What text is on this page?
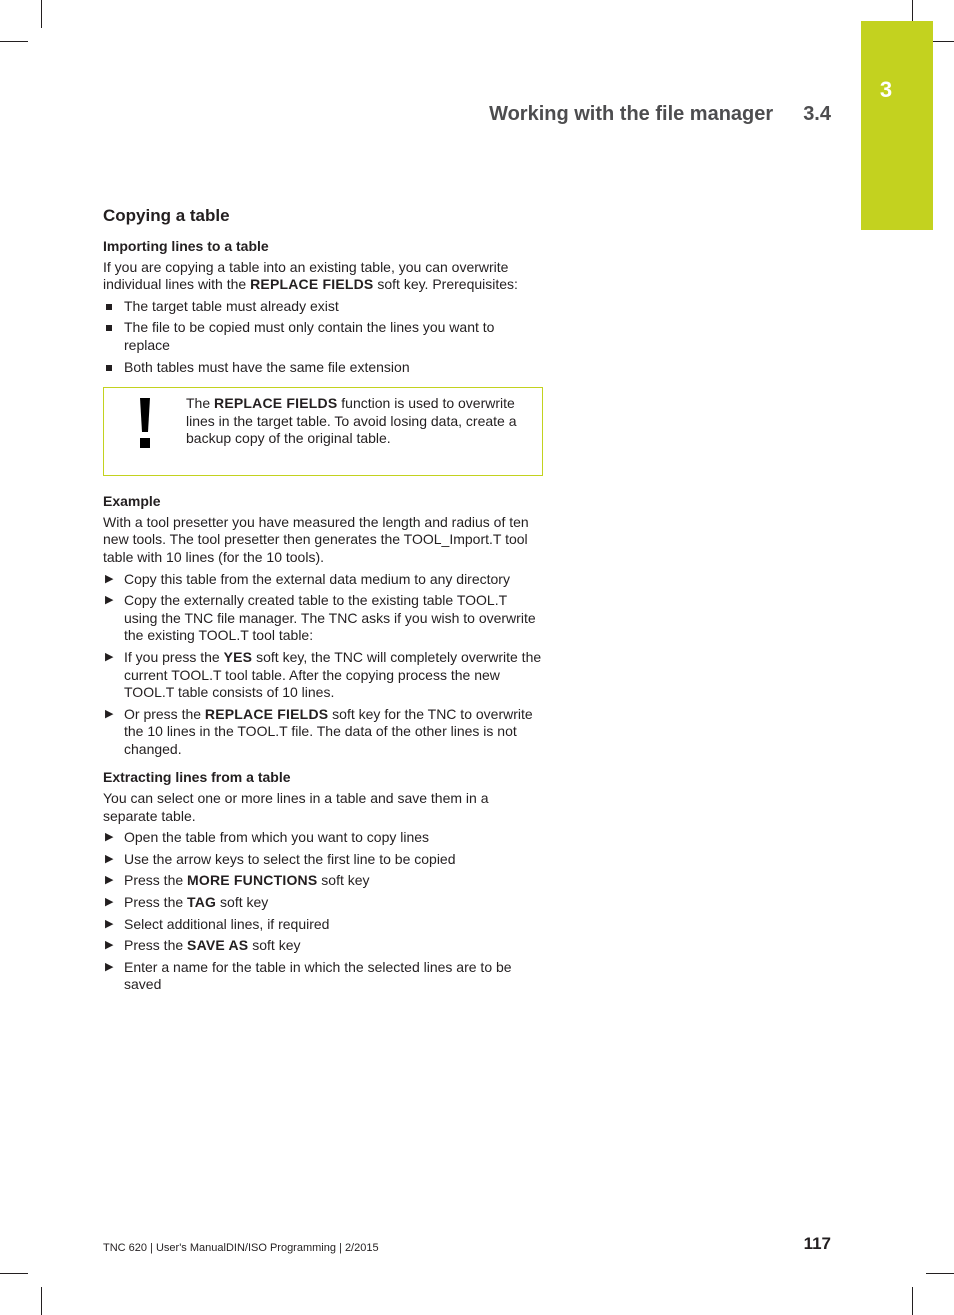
3
Working with the file manager 3.4
Copying a table
Importing lines to a table

If you are copying a table into an existing table, you can overwrite individual lines with the REPLACE FIELDS soft key. Prerequisites:

The target table must already exist
The file to be copied must only contain the lines you want to replace
Both tables must have the same file extension
The REPLACE FIELDS function is used to overwrite lines in the target table. To avoid losing data, create a backup copy of the original table.
Example

With a tool presetter you have measured the length and radius of ten new tools. The tool presetter then generates the TOOL_Import.T tool table with 10 lines (for the 10 tools).

▶ Copy this table from the external data medium to any directory
▶ Copy the externally created table to the existing table TOOL.T using the TNC file manager. The TNC asks if you wish to overwrite the existing TOOL.T tool table:
▶ If you press the YES soft key, the TNC will completely overwrite the current TOOL.T tool table. After the copying process the new TOOL.T table consists of 10 lines.
▶ Or press the REPLACE FIELDS soft key for the TNC to overwrite the 10 lines in the TOOL.T file. The data of the other lines is not changed.
Extracting lines from a table

You can select one or more lines in a table and save them in a separate table.

▶ Open the table from which you want to copy lines
▶ Use the arrow keys to select the first line to be copied
▶ Press the MORE FUNCTIONS soft key
▶ Press the TAG soft key
▶ Select additional lines, if required
▶ Press the SAVE AS soft key
▶ Enter a name for the table in which the selected lines are to be saved
TNC 620 | User's ManualDIN/ISO Programming | 2/2015	117
